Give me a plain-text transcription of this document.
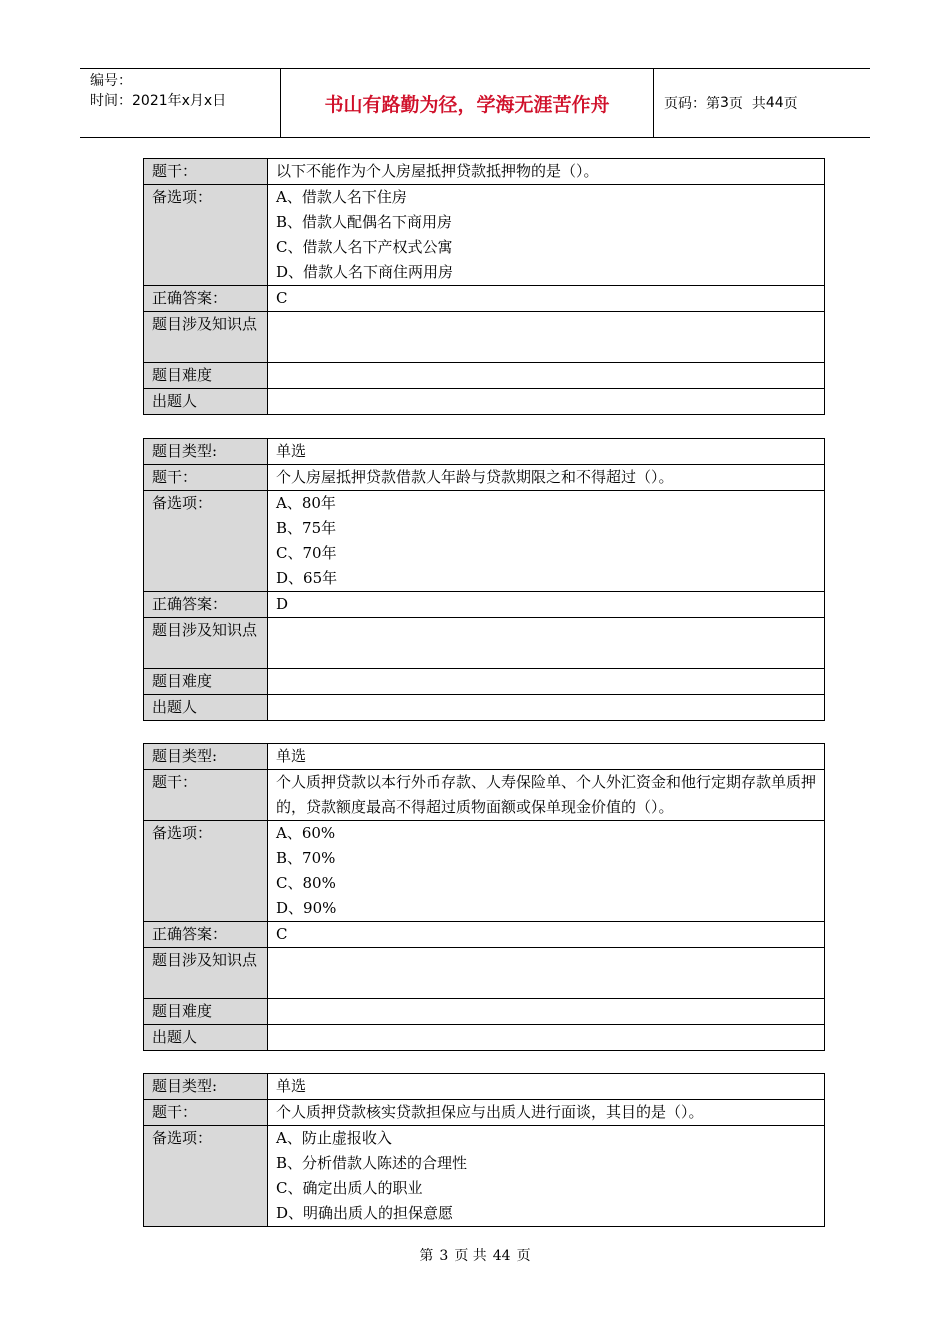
编号：
时间：2021年x月x日	书山有路勤为径，学海无涯苦作舟	页码：第 3 页  共 44 页
题干：	以下不能作为个人房屋抵押贷款抵押物的是（）。
备选项：	A、借款人名下住房
B、借款人配偶名下商用房
C、借款人名下产权式公寓
D、借款人名下商住两用房

正确答案：	C
题目涉及知识点	
题目难度	
出题人	
题目类型:	单选
题干：	个人房屋抵押贷款借款人年龄与贷款期限之和不得超过（）。
备选项：	A、80年
B、75年
C、70年
D、65年

正确答案：	D
题目涉及知识点	
题目难度	
出题人	
题目类型:	单选
题干：	个人质押贷款以本行外币存款、人寿保险单、个人外汇资金和他行定期存款单质押的，贷款额度最高不得超过质物面额或保单现金价值的（）。
备选项：	A、60%
B、70%
C、80%
D、90%

正确答案：	C
题目涉及知识点	
题目难度	
出题人	
题目类型:	单选
题干：	个人质押贷款核实贷款担保应与出质人进行面谈，其目的是（）。
备选项：	A、防止虚报收入
B、分析借款人陈述的合理性
C、确定出质人的职业
D、明确出质人的担保意愿
第 3 页 共 44 页
